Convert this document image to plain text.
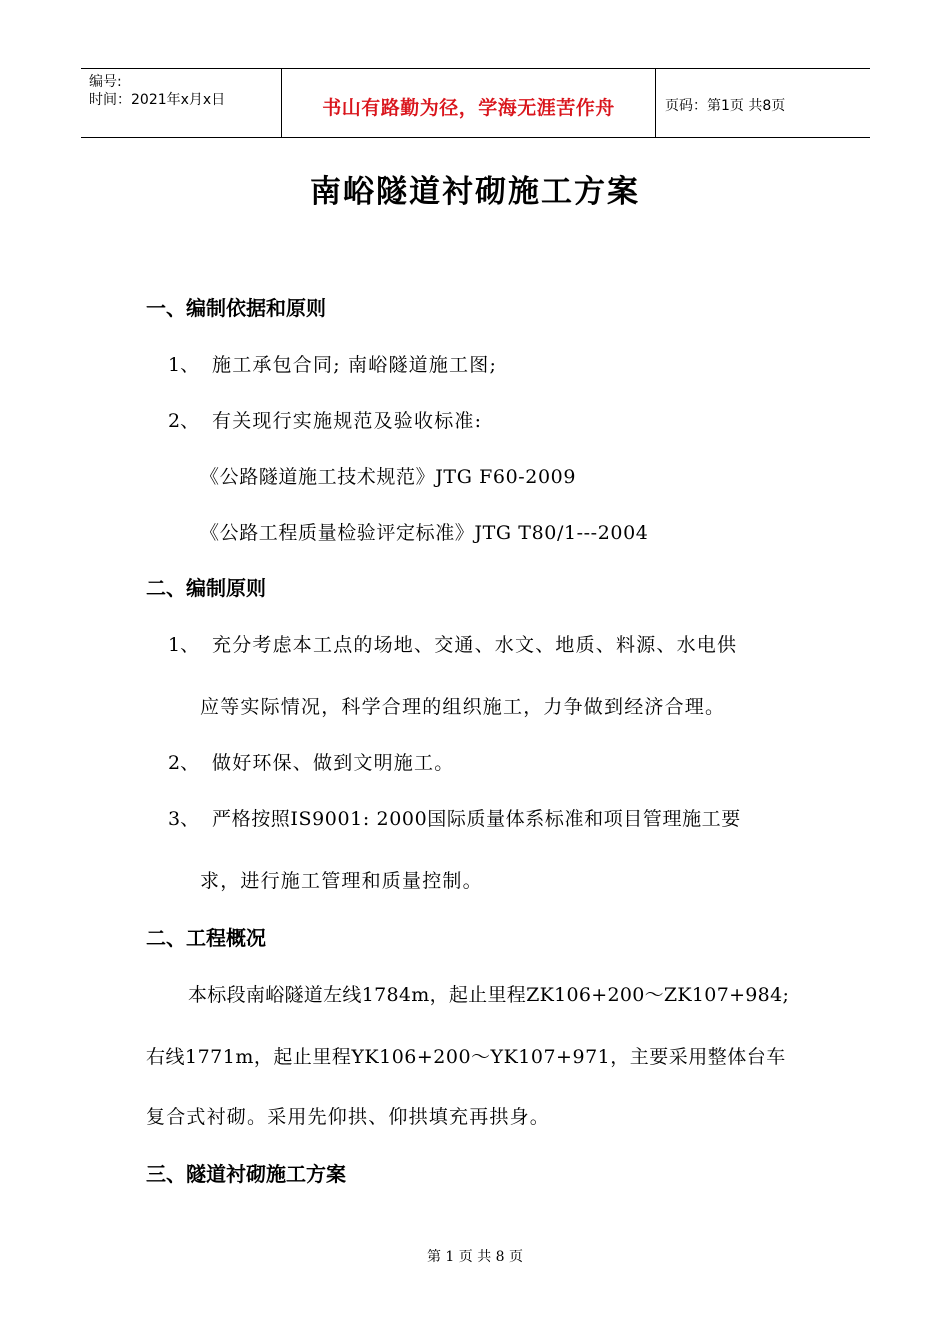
编号:
时间：2021年x月x日	书山有路勤为径，学海无涯苦作舟	页码：第1页 共8页
南峪隧道衬砌施工方案
一、编制依据和原则
1、 施工承包合同; 南峪隧道施工图;
2、 有关现行实施规范及验收标准:
《公路隧道施工技术规范》JTG F60-2009
《公路工程质量检验评定标准》JTG T80/1---2004
二、编制原则
1、 充分考虑本工点的场地、交通、水文、地质、料源、水电供
应等实际情况，科学合理的组织施工，力争做到经济合理。
2、 做好环保、做到文明施工。
3、 严格按照IS9001: 2000国际质量体系标准和项目管理施工要
求，进行施工管理和质量控制。
二、工程概况
本标段南峪隧道左线1784m，起止里程ZK106+200～ZK107+984;
右线1771m，起止里程YK106+200～YK107+971，主要采用整体台车
复合式衬砌。采用先仰拱、仰拱填充再拱身。
三、隧道衬砌施工方案
第 1 页 共 8 页
